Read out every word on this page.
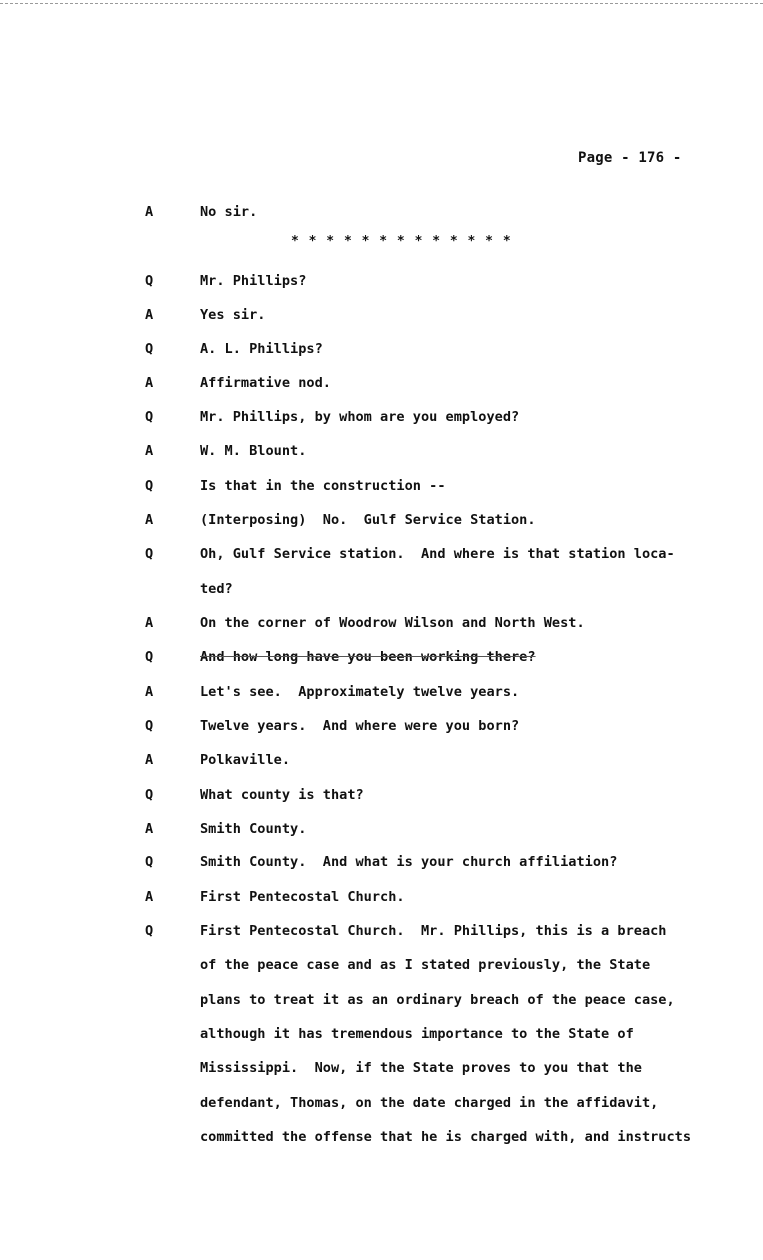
Page - 176 -
* * * * * * * * * * * * *

A

	No sir.

Q

	Mr. Phillips?

A

	Yes sir.

Q

	A. L. Phillips?

A

	Affirmative nod.

Q

	Mr. Phillips, by whom are you employed?

A

	W. M. Blount.

Q

	Is that in the construction --

A

	(Interposing)  No.  Gulf Service Station.

Q

	Oh, Gulf Service station.  And where is that station loca-

ted?

A

	On the corner of Woodrow Wilson and North West.

Q

	And how long have you been working there?

A

	Let's see.  Approximately twelve years.

Q

	Twelve years.  And where were you born?

A

	Polkaville.

Q

	What county is that?

A

	Smith County.

Q

	Smith County.  And what is your church affiliation?

A

	First Pentecostal Church.

Q

	First Pentecostal Church.  Mr. Phillips, this is a breach

of the peace case and as I stated previously, the State

plans to treat it as an ordinary breach of the peace case,

although it has tremendous importance to the State of

Mississippi.  Now, if the State proves to you that the

defendant, Thomas, on the date charged in the affidavit,

committed the offense that he is charged with, and instructs
